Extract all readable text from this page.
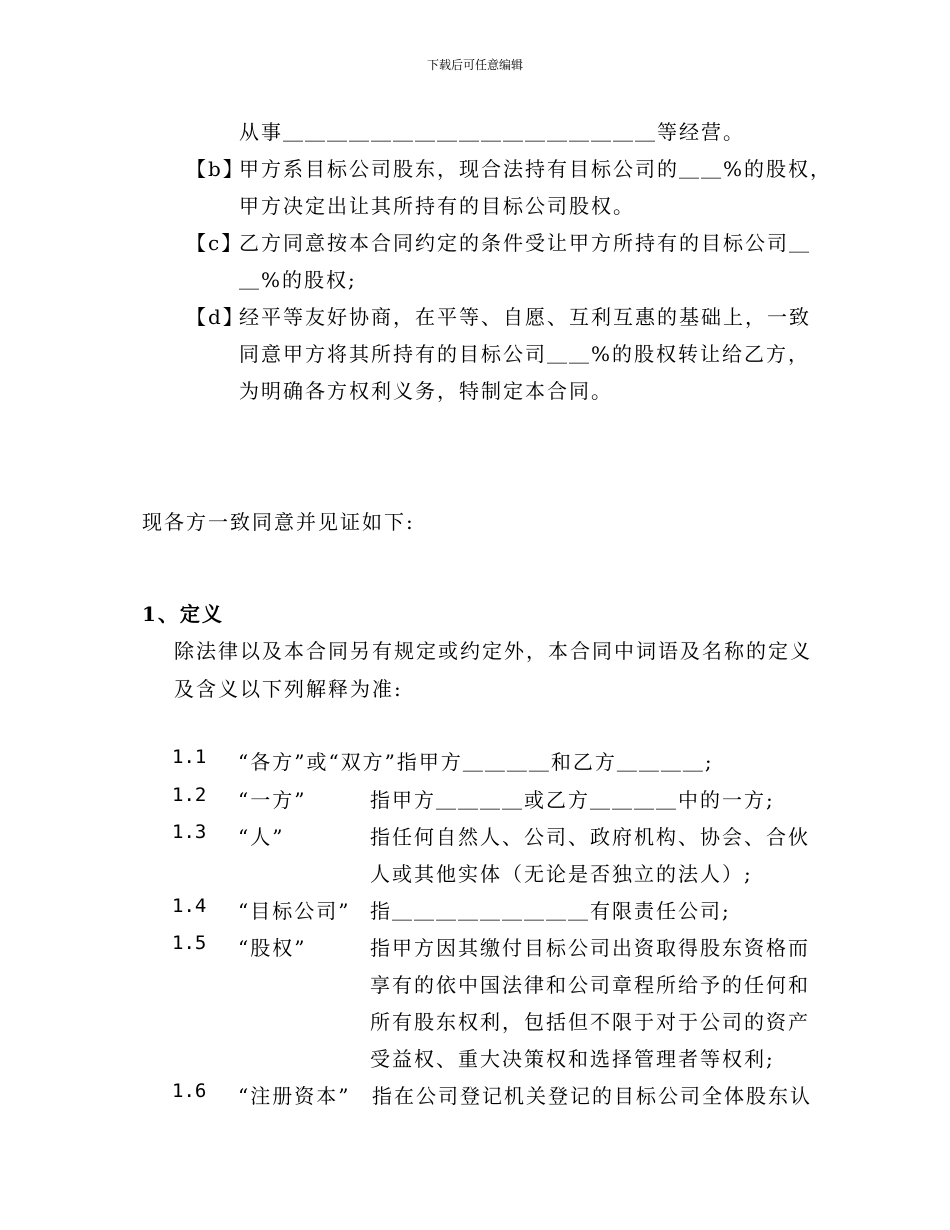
下载后可任意编辑
从事＿＿＿＿＿＿＿＿＿＿＿＿＿＿＿＿＿等经营。
【b】
甲方系目标公司股东，现合法持有目标公司的＿＿%的股权，
甲方决定出让其所持有的目标公司股权。
【c】
乙方同意按本合同约定的条件受让甲方所持有的目标公司＿
＿%的股权;
【d】
经平等友好协商，在平等、自愿、互利互惠的基础上，一致
同意甲方将其所持有的目标公司＿＿%的股权转让给乙方，
为明确各方权利义务，特制定本合同。
现各方一致同意并见证如下:
1、定义
除法律以及本合同另有规定或约定外，本合同中词语及名称的定义
及含义以下列解释为准:
1.1 “各方”或“双方”指甲方＿＿＿＿和乙方＿＿＿＿;
1.2 “一方”	指甲方＿＿＿＿或乙方＿＿＿＿中的一方;
1.3 “人”	指任何自然人、公司、政府机构、协会、合伙
人或其他实体（无论是否独立的法人）;
1.4 “目标公司” 指＿＿＿＿＿＿＿＿＿有限责任公司;
1.5 “股权”	指甲方因其缴付目标公司出资取得股东资格而
享有的依中国法律和公司章程所给予的任何和
所有股东权利，包括但不限于对于公司的资产
受益权、重大决策权和选择管理者等权利;
1.6 “注册资本” 指在公司登记机关登记的目标公司全体股东认
